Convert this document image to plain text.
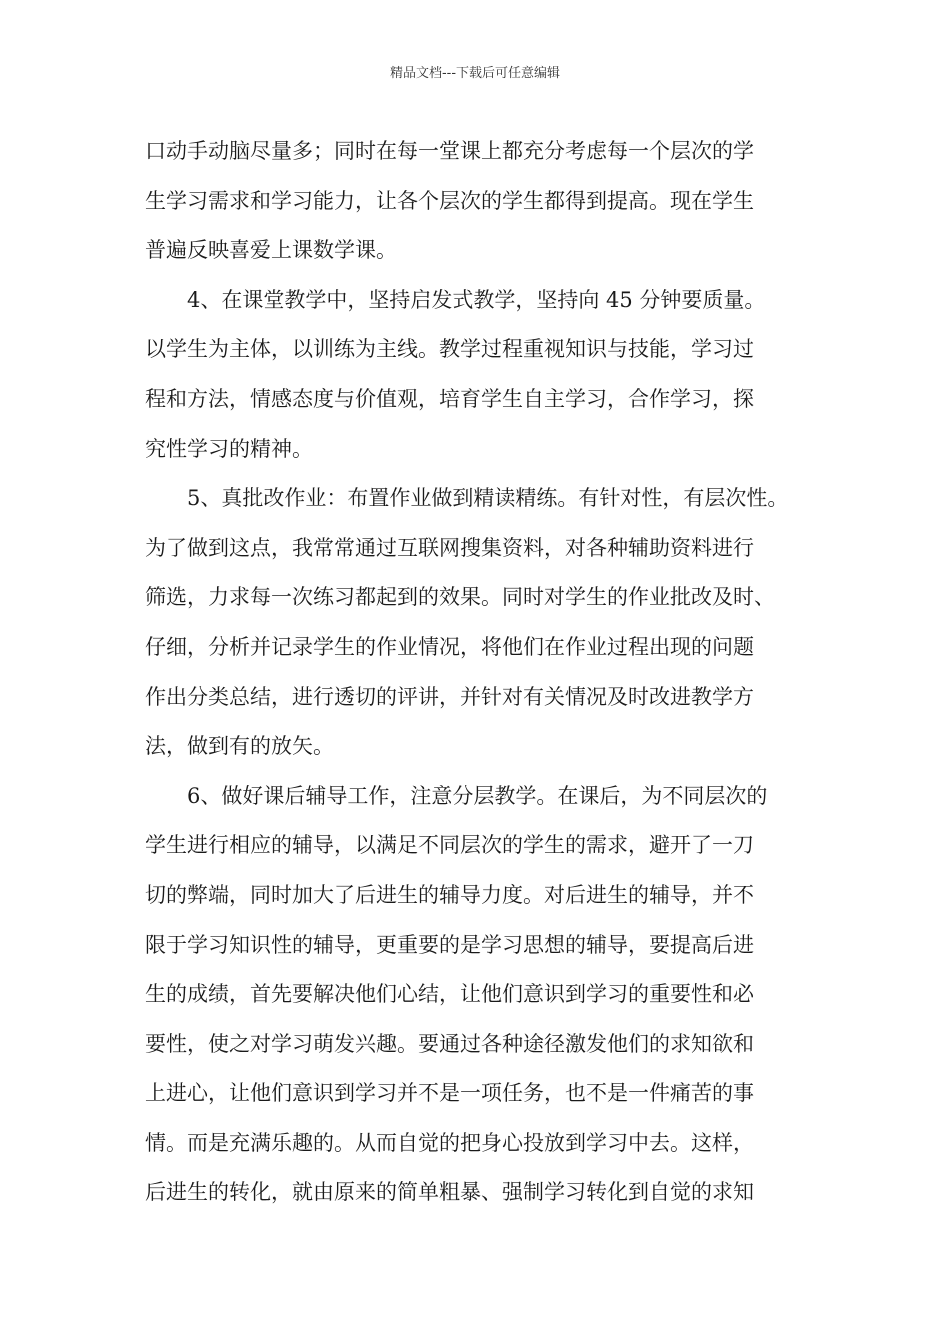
精品文档---下载后可任意编辑
口动手动脑尽量多；同时在每一堂课上都充分考虑每一个层次的学
生学习需求和学习能力，让各个层次的学生都得到提高。现在学生
普遍反映喜爱上课数学课。
4、在课堂教学中，坚持启发式教学，坚持向 45 分钟要质量。
以学生为主体，以训练为主线。教学过程重视知识与技能，学习过
程和方法，情感态度与价值观，培育学生自主学习，合作学习，探
究性学习的精神。
5、真批改作业：布置作业做到精读精练。有针对性，有层次性。
为了做到这点，我常常通过互联网搜集资料，对各种辅助资料进行
筛选，力求每一次练习都起到的效果。同时对学生的作业批改及时、
仔细，分析并记录学生的作业情况，将他们在作业过程出现的问题
作出分类总结，进行透切的评讲，并针对有关情况及时改进教学方
法，做到有的放矢。
6、做好课后辅导工作，注意分层教学。在课后，为不同层次的
学生进行相应的辅导，以满足不同层次的学生的需求，避开了一刀
切的弊端，同时加大了后进生的辅导力度。对后进生的辅导，并不
限于学习知识性的辅导，更重要的是学习思想的辅导，要提高后进
生的成绩，首先要解决他们心结，让他们意识到学习的重要性和必
要性，使之对学习萌发兴趣。要通过各种途径激发他们的求知欲和
上进心，让他们意识到学习并不是一项任务，也不是一件痛苦的事
情。而是充满乐趣的。从而自觉的把身心投放到学习中去。这样，
后进生的转化，就由原来的简单粗暴、强制学习转化到自觉的求知
